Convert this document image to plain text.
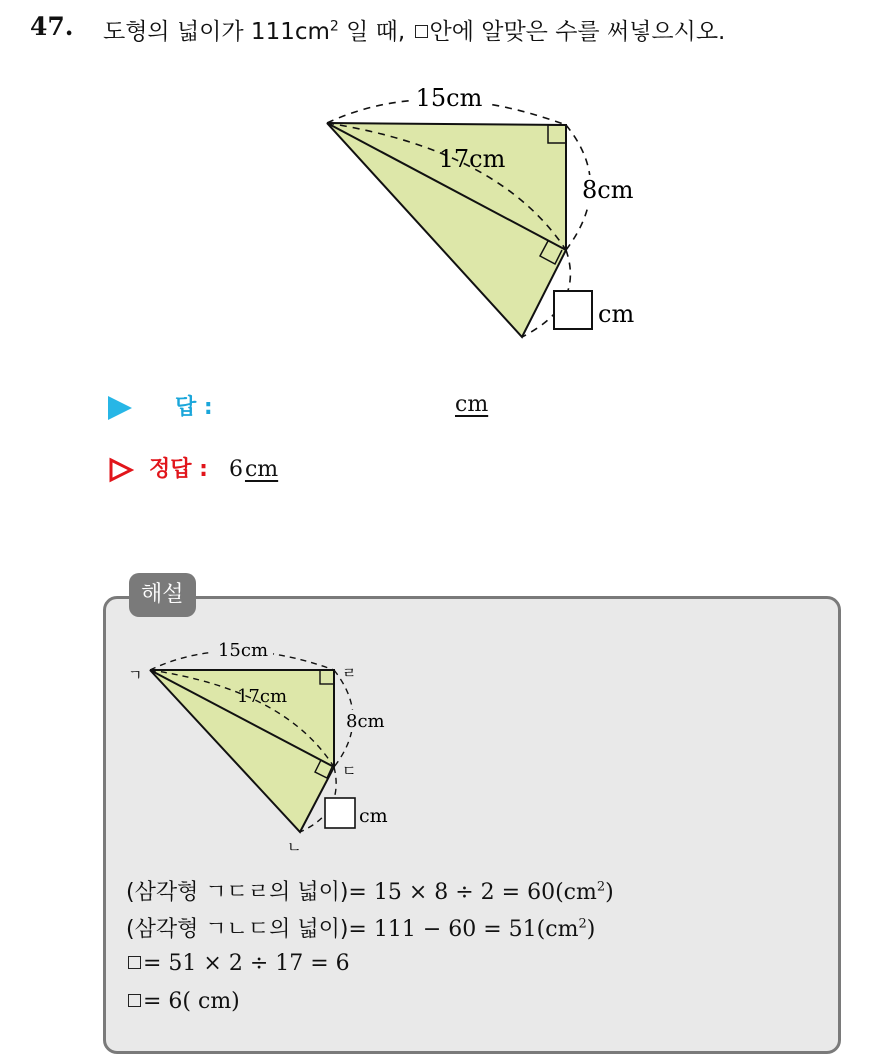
47. 도형의 넓이가 $111cm^2$ 일 때, 안에 알맞은 수를 써넣으시오.
15cm
17cm
8cm
cm
답 :	cm
정답 : 6cm
해설
15cm
17cm
8cm
cm
ㄱ	ㄹ
ㄷ
ㄴ
(삼각형 ㄱㄷㄹ의 넓이)= $15 \times 8 \div 2 = 60(cm^2)$
(삼각형 ㄱㄴㄷ의 넓이)= $111 - 60 = 51(cm^2)$
= 51 × 2 ÷ 17 = 6
= 6( cm)
